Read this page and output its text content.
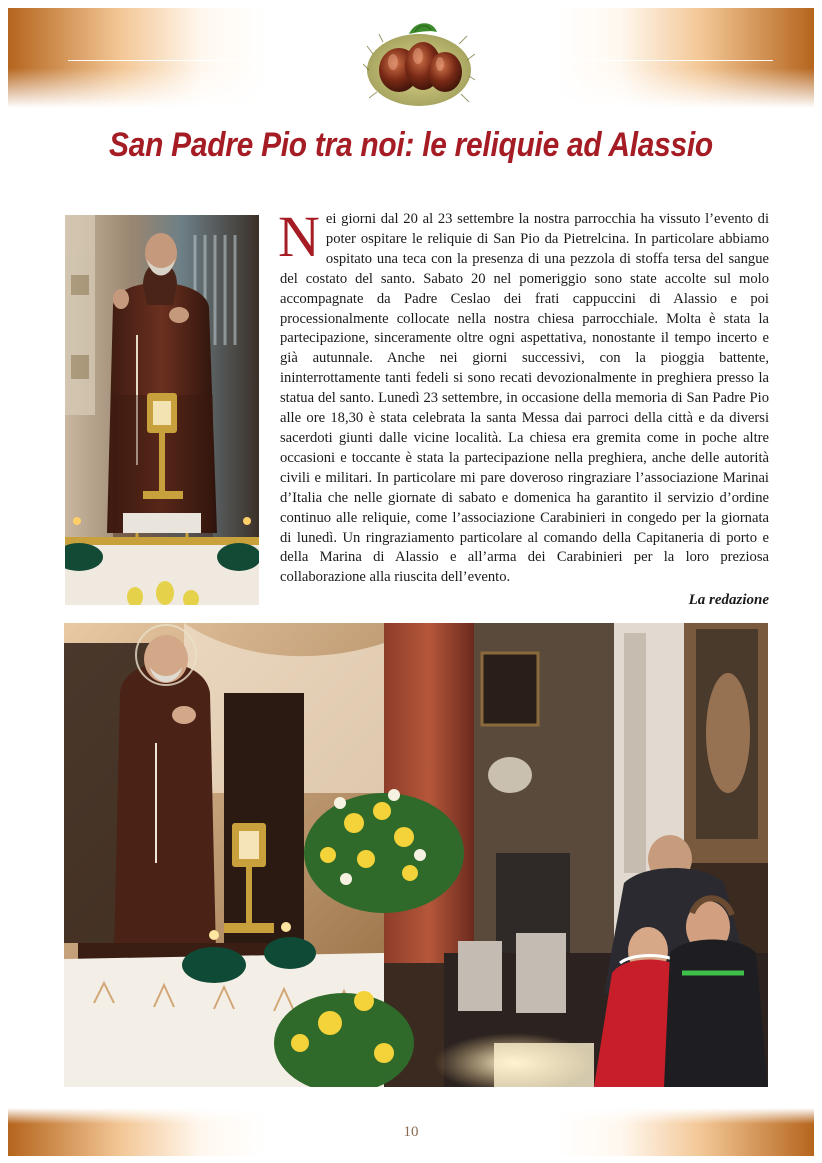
San Padre Pio tra noi: le reliquie ad Alassio

Nei giorni dal 20 al 23 settembre la nostra parrocchia ha vissuto l’evento di poter ospitare le reliquie di San Pio da Pietrelcina. In particolare abbiamo ospitato una teca con la presenza di una pezzola di stoffa tersa del sangue del costato del santo. Sabato 20 nel pomeriggio sono state accolte sul molo accompagnate da Padre Ceslao dei frati cappuccini di Alassio e poi processionalmente collocate nella nostra chiesa parrocchiale. Molta è stata la partecipazione, sinceramente oltre ogni aspettativa, nonostante il tempo incerto e già autunnale. Anche nei giorni successivi, con la pioggia battente, ininterrottamente tanti fedeli si sono recati devozionalmente in preghiera presso la statua del santo. Lunedì 23 settembre, in occasione della memoria di San Padre Pio alle ore 18,30 è stata celebrata la santa Messa dai parroci della città e da diversi sacerdoti giunti dalle vicine località. La chiesa era gremita come in poche altre occasioni e toccante è stata la partecipazione nella preghiera, anche delle autorità civili e militari. In particolare mi pare doveroso ringraziare l’associazione Marinai d’Italia che nelle giornate di sabato e domenica ha garantito il servizio d’ordine continuo alle reliquie, come l’associazione Carabinieri in congedo per la giornata di lunedì. Un ringraziamento particolare al comando della Capitaneria di porto e della Marina di Alassio e all’arma dei Carabinieri per la loro preziosa collaborazione alla riuscita dell’evento.

La redazione
10
